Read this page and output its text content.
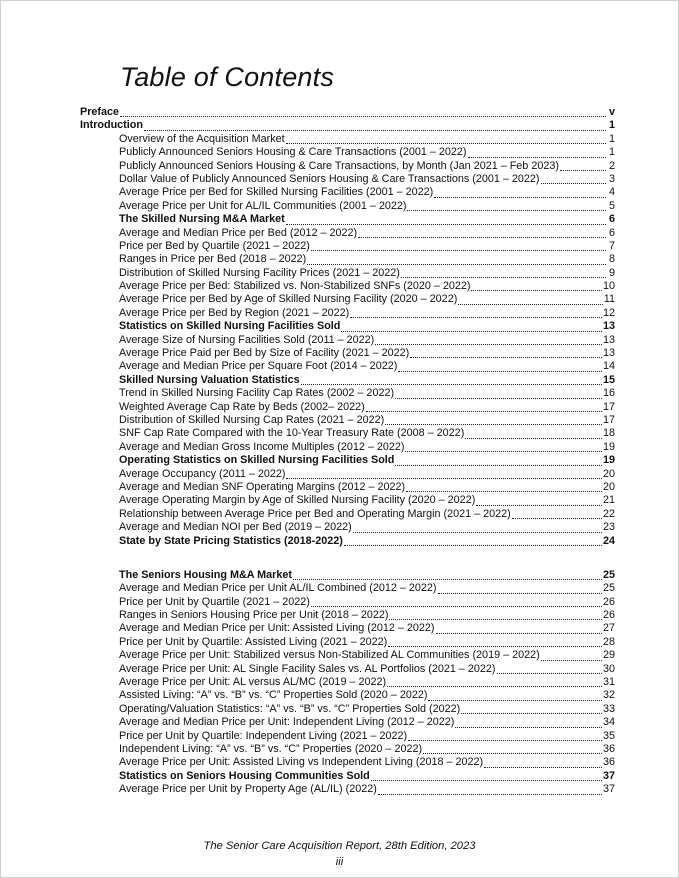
Table of Contents
Preface	v
Introduction	1
Overview of the Acquisition Market	1
Publicly Announced Seniors Housing & Care Transactions (2001 – 2022)	1
Publicly Announced Seniors Housing & Care Transactions, by Month (Jan 2021 – Feb 2023)	2
Dollar Value of Publicly Announced Seniors Housing & Care Transactions (2001 – 2022)	3
Average Price per Bed for Skilled Nursing Facilities (2001 – 2022)	4
Average Price per Unit for AL/IL Communities (2001 – 2022)	5
The Skilled Nursing M&A Market	6
Average and Median Price per Bed (2012 – 2022)	6
Price per Bed by Quartile (2021 – 2022)	7
Ranges in Price per Bed (2018 – 2022)	8
Distribution of Skilled Nursing Facility Prices (2021 – 2022)	9
Average Price per Bed: Stabilized vs. Non-Stabilized SNFs (2020 – 2022)	10
Average Price per Bed by Age of Skilled Nursing Facility (2020 – 2022)	11
Average Price per Bed by Region (2021 – 2022)	12
Statistics on Skilled Nursing Facilities Sold	13
Average Size of Nursing Facilities Sold (2011 – 2022)	13
Average Price Paid per Bed by Size of Facility (2021 – 2022)	13
Average and Median Price per Square Foot (2014 – 2022)	14
Skilled Nursing Valuation Statistics	15
Trend in Skilled Nursing Facility Cap Rates (2002 – 2022)	16
Weighted Average Cap Rate by Beds (2002– 2022)	17
Distribution of Skilled Nursing Cap Rates (2021 – 2022)	17
SNF Cap Rate Compared with the 10-Year Treasury Rate (2008 – 2022)	18
Average and Median Gross Income Multiples (2012 – 2022)	19
Operating Statistics on Skilled Nursing Facilities Sold	19
Average Occupancy (2011 – 2022)	20
Average and Median SNF Operating Margins (2012 – 2022)	20
Average Operating Margin by Age of Skilled Nursing Facility (2020 – 2022)	21
Relationship between Average Price per Bed and Operating Margin (2021 – 2022)	22
Average and Median NOI per Bed (2019 – 2022)	23
State by State Pricing Statistics (2018-2022)	24
The Seniors Housing M&A Market	25
Average and Median Price per Unit AL/IL Combined (2012 – 2022)	25
Price per Unit by Quartile (2021 – 2022)	26
Ranges in Seniors Housing Price per Unit (2018 – 2022)	26
Average and Median Price per Unit: Assisted Living (2012 – 2022)	27
Price per Unit by Quartile: Assisted Living (2021 – 2022)	28
Average Price per Unit: Stabilized versus Non-Stabilized AL Communities (2019 – 2022)	29
Average Price per Unit: AL Single Facility Sales vs. AL Portfolios (2021 – 2022)	30
Average Price per Unit: AL versus AL/MC (2019 – 2022)	31
Assisted Living: “A” vs. “B” vs. “C” Properties Sold (2020 – 2022)	32
Operating/Valuation Statistics: “A” vs. “B” vs. “C” Properties Sold (2022)	33
Average and Median Price per Unit: Independent Living (2012 – 2022)	34
Price per Unit by Quartile: Independent Living (2021 – 2022)	35
Independent Living: “A” vs. “B” vs. “C” Properties (2020 – 2022)	36
Average Price per Unit: Assisted Living vs Independent Living (2018 – 2022)	36
Statistics on Seniors Housing Communities Sold	37
Average Price per Unit by Property Age (AL/IL) (2022)	37
The Senior Care Acquisition Report, 28th Edition, 2023
iii
